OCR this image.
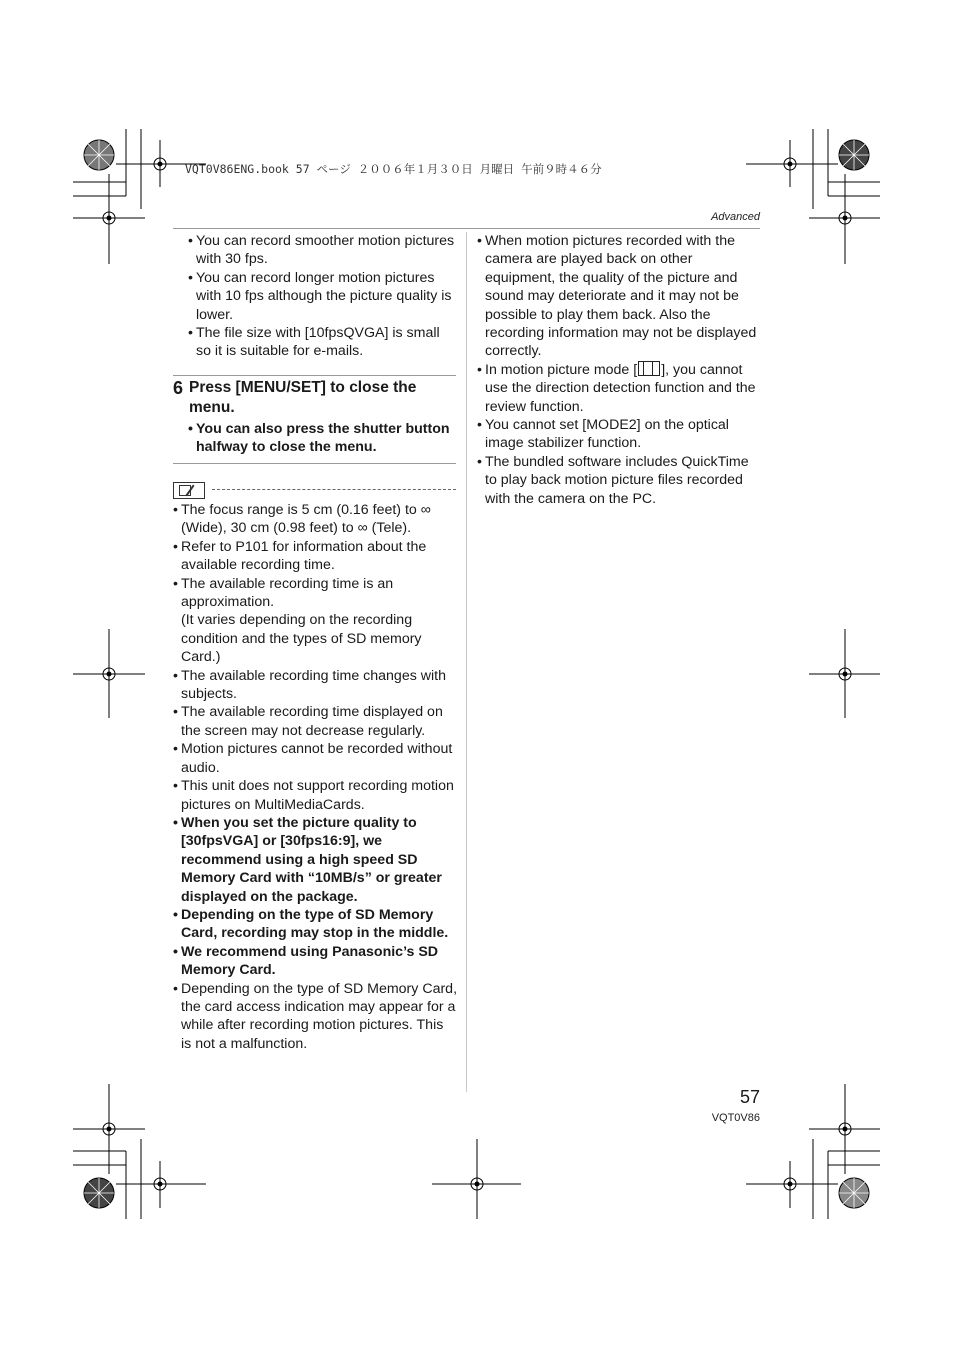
VQT0V86ENG.book 57 ページ ２００６年１月３０日 月曜日 午前９時４６分
Advanced
• You can record smoother motion pictures with 30 fps.
• You can record longer motion pictures with 10 fps although the picture quality is lower.
• The file size with [10fpsQVGA] is small so it is suitable for e-mails.
6 Press [MENU/SET] to close the menu.
• You can also press the shutter button halfway to close the menu.
• The focus range is 5 cm (0.16 feet) to ∞ (Wide), 30 cm (0.98 feet) to ∞ (Tele).
• Refer to P101 for information about the available recording time.
• The available recording time is an approximation.
(It varies depending on the recording condition and the types of SD memory Card.)
• The available recording time changes with subjects.
• The available recording time displayed on the screen may not decrease regularly.
• Motion pictures cannot be recorded without audio.
• This unit does not support recording motion pictures on MultiMediaCards.
• When you set the picture quality to [30fpsVGA] or [30fps16:9], we recommend using a high speed SD Memory Card with “10MB/s” or greater displayed on the package.
• Depending on the type of SD Memory Card, recording may stop in the middle.
• We recommend using Panasonic’s SD Memory Card.
• Depending on the type of SD Memory Card, the card access indication may appear for a while after recording motion pictures. This is not a malfunction.
• When motion pictures recorded with the camera are played back on other equipment, the quality of the picture and sound may deteriorate and it may not be possible to play them back. Also the recording information may not be displayed correctly.
• In motion picture mode [ ], you cannot use the direction detection function and the review function.
• You cannot set [MODE2] on the optical image stabilizer function.
• The bundled software includes QuickTime to play back motion picture files recorded with the camera on the PC.
57
VQT0V86
